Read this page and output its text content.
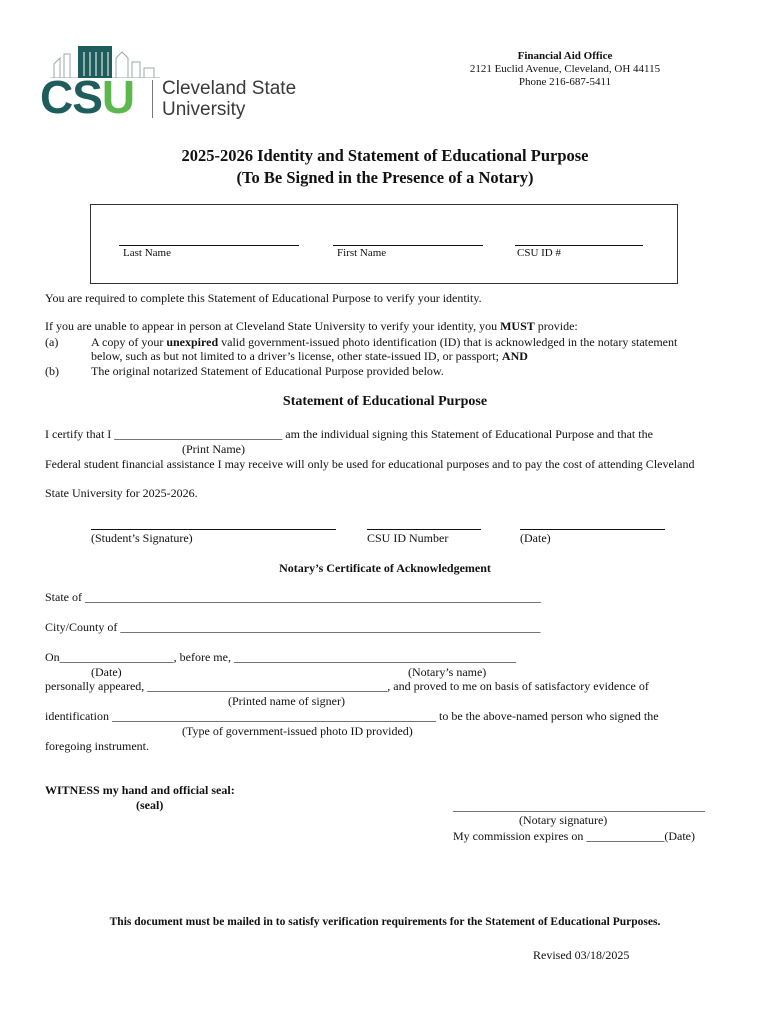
CSU Cleveland State
University
Financial Aid Office
2121 Euclid Avenue, Cleveland, OH 44115
Phone 216-687-5411
2025-2026 Identity and Statement of Educational Purpose
(To Be Signed in the Presence of a Notary)
Last Name	First Name	CSU ID #
You are required to complete this Statement of Educational Purpose to verify your identity.
If you are unable to appear in person at Cleveland State University to verify your identity, you MUST provide:
(a)	A copy of your unexpired valid government-issued photo identification (ID) that is acknowledged in the notary statement
below, such as but not limited to a driver’s license, other state-issued ID, or passport; AND
(b)	The original notarized Statement of Educational Purpose provided below.
Statement of Educational Purpose
I certify that I ____________________________ am the individual signing this Statement of Educational Purpose and that the
(Print Name)
Federal student financial assistance I may receive will only be used for educational purposes and to pay the cost of attending Cleveland
State University for 2025-2026.
(Student’s Signature)	CSU ID Number	(Date)
Notary’s Certificate of Acknowledgement
State of ____________________________________________________________________________
City/County of ______________________________________________________________________
On___________________, before me, _______________________________________________
(Date)	(Notary’s name)
personally appeared, ________________________________________, and proved to me on basis of satisfactory evidence of
(Printed name of signer)
identification ______________________________________________________ to be the above-named person who signed the
(Type of government-issued photo ID provided)
foregoing instrument.
WITNESS my hand and official seal:
(seal)	__________________________________________
(Notary signature)
My commission expires on _____________(Date)
This document must be mailed in to satisfy verification requirements for the Statement of Educational Purposes.
Revised 03/18/2025
